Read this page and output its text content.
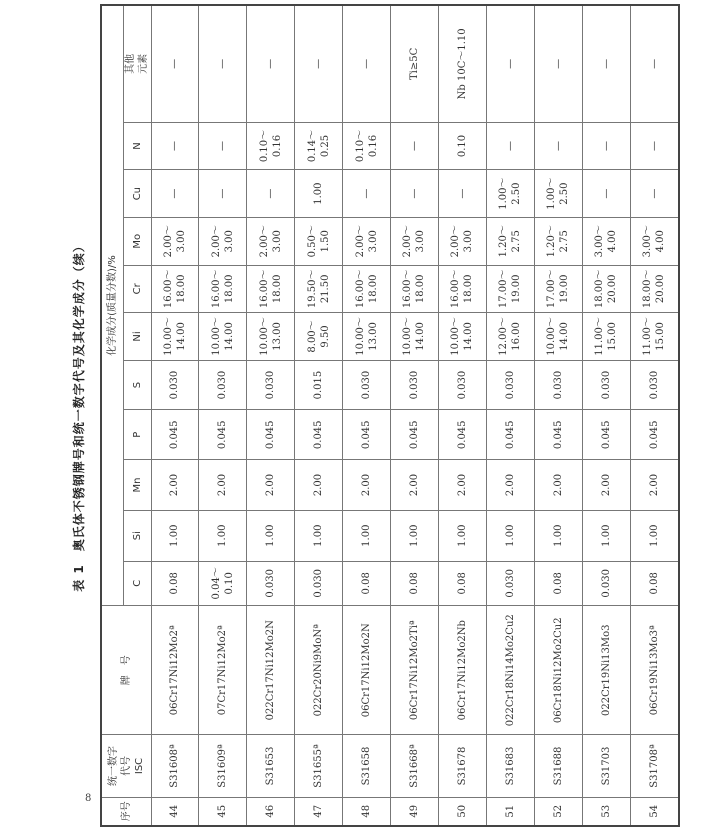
8
表 1　奥氏体不锈钢牌号和统一数字代号及其化学成分（续）
序号	统一数字 代号 ISC	牌　号	化学成分(质量分数)/%										
			C	Si	Mn	P	S	Ni	Cr	Mo	Cu	N	其他 元素

44	S31608ª	06Cr17Ni12Mo2ª	0.08	1.00	2.00	0.045	0.030	10.00～ 14.00	16.00～ 18.00	2.00～ 3.00	—	—	—
45	S31609ª	07Cr17Ni12Mo2ª	0.04～ 0.10	1.00	2.00	0.045	0.030	10.00～ 14.00	16.00～ 18.00	2.00～ 3.00	—	—	—
46	S31653	022Cr17Ni12Mo2N	0.030	1.00	2.00	0.045	0.030	10.00～ 13.00	16.00～ 18.00	2.00～ 3.00	—	0.10～ 0.16	—
47	S31655ª	022Cr20Ni9MoNª	0.030	1.00	2.00	0.045	0.015	8.00～ 9.50	19.50～ 21.50	0.50～ 1.50	1.00	0.14～ 0.25	—
48	S31658	06Cr17Ni12Mo2N	0.08	1.00	2.00	0.045	0.030	10.00～ 13.00	16.00～ 18.00	2.00～ 3.00	—	0.10～ 0.16	—
49	S31668ª	06Cr17Ni12Mo2Tiª	0.08	1.00	2.00	0.045	0.030	10.00～ 14.00	16.00～ 18.00	2.00～ 3.00	—	—	Ti≥5C
50	S31678	06Cr17Ni12Mo2Nb	0.08	1.00	2.00	0.045	0.030	10.00～ 14.00	16.00～ 18.00	2.00～ 3.00	—	0.10	Nb 10C～1.10
51	S31683	022Cr18Ni14Mo2Cu2	0.030	1.00	2.00	0.045	0.030	12.00～ 16.00	17.00～ 19.00	1.20～ 2.75	1.00～ 2.50	—	—
52	S31688	06Cr18Ni12Mo2Cu2	0.08	1.00	2.00	0.045	0.030	10.00～ 14.00	17.00～ 19.00	1.20～ 2.75	1.00～ 2.50	—	—
53	S31703	022Cr19Ni13Mo3	0.030	1.00	2.00	0.045	0.030	11.00～ 15.00	18.00～ 20.00	3.00～ 4.00	—	—	—
54	S31708ª	06Cr19Ni13Mo3ª	0.08	1.00	2.00	0.045	0.030	11.00～ 15.00	18.00～ 20.00	3.00～ 4.00	—	—	—
